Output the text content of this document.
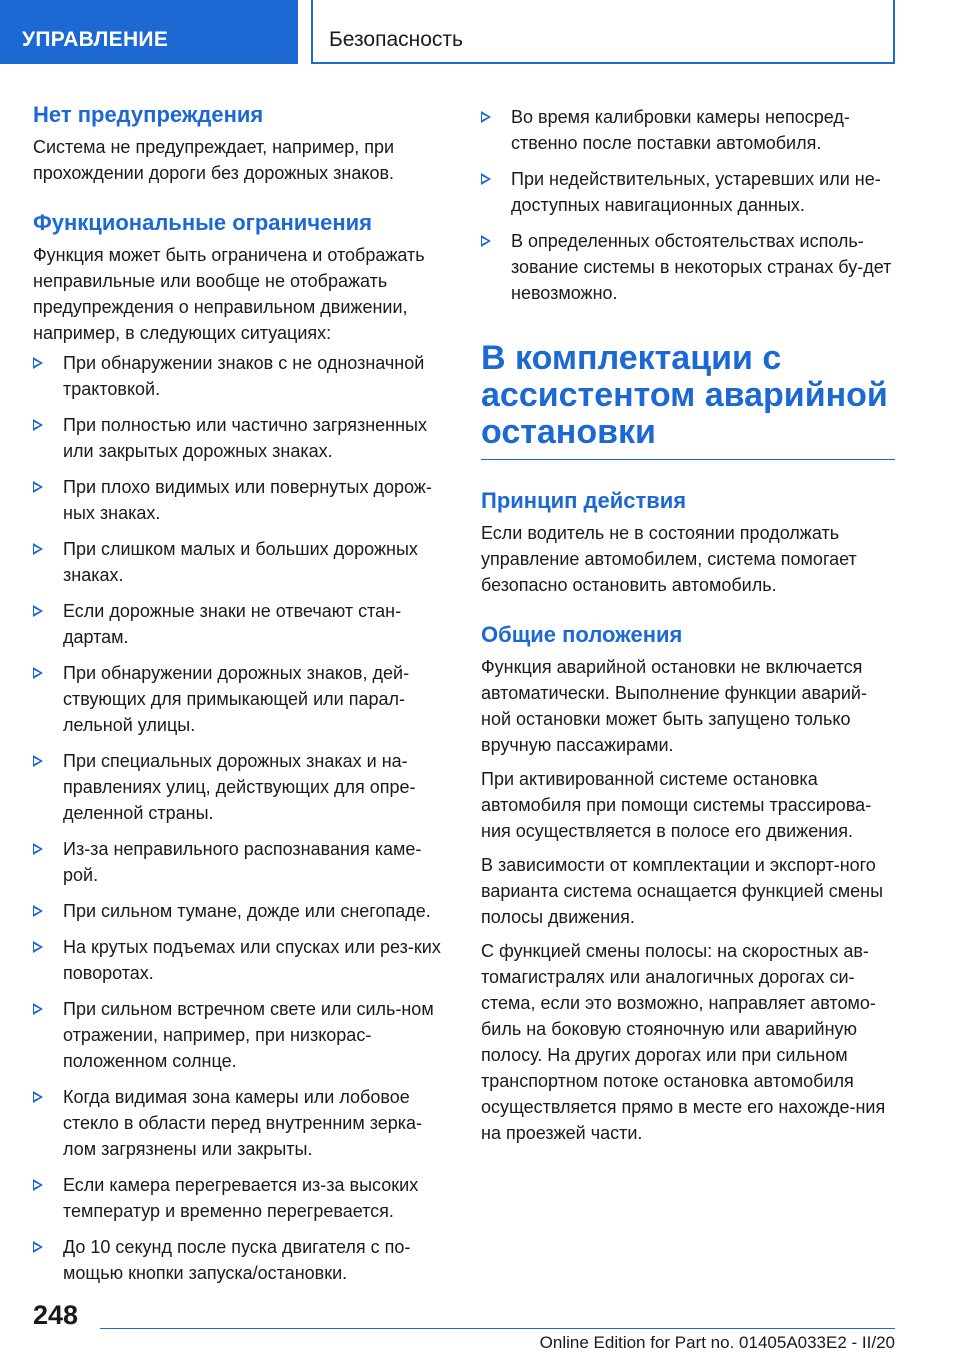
УПРАВЛЕНИЕ	Безопасность
Нет предупреждения

Система не предупреждает, например, при прохождении дороги без дорожных знаков.

Функциональные ограничения

Функция может быть ограничена и отображать неправильные или вообще не отображать предупреждения о неправильном движении, например, в следующих ситуациях:

При обнаружении знаков с не однозначной трактовкой.
При полностью или частично загрязненных или закрытых дорожных знаках.
При плохо видимых или повернутых дорож-ных знаках.
При слишком малых и больших дорожных знаках.
Если дорожные знаки не отвечают стан-дартам.
При обнаружении дорожных знаков, дей-ствующих для примыкающей или парал-лельной улицы.
При специальных дорожных знаках и на-правлениях улиц, действующих для опре-деленной страны.
Из-за неправильного распознавания каме-рой.
При сильном тумане, дожде или снегопаде.
На крутых подъемах или спусках или рез-ких поворотах.
При сильном встречном свете или силь-ном отражении, например, при низкорас-положенном солнце.
Когда видимая зона камеры или лобовое стекло в области перед внутренним зерка-лом загрязнены или закрыты.
Если камера перегревается из-за высоких температур и временно перегревается.
До 10 секунд после пуска двигателя с по-мощью кнопки запуска/остановки.
Во время калибровки камеры непосред-ственно после поставки автомобиля.
При недействительных, устаревших или не-доступных навигационных данных.
В определенных обстоятельствах исполь-зование системы в некоторых странах бу-дет невозможно.
В комплектации с ассистентом аварийной остановки
Принцип действия

Если водитель не в состоянии продолжать управление автомобилем, система помогает безопасно остановить автомобиль.

Общие положения

Функция аварийной остановки не включается автоматически. Выполнение функции аварий-ной остановки может быть запущено только вручную пассажирами.

При активированной системе остановка автомобиля при помощи системы трассирова-ния осуществляется в полосе его движения.

В зависимости от комплектации и экспорт-ного варианта система оснащается функцией смены полосы движения.

С функцией смены полосы: на скоростных ав-томагистралях или аналогичных дорогах си-стема, если это возможно, направляет автомо-биль на боковую стояночную или аварийную полосу. На других дорогах или при сильном транспортном потоке остановка автомобиля осуществляется прямо в месте его нахожде-ния на проезжей части.

248
Online Edition for Part no. 01405A033E2 - II/20
